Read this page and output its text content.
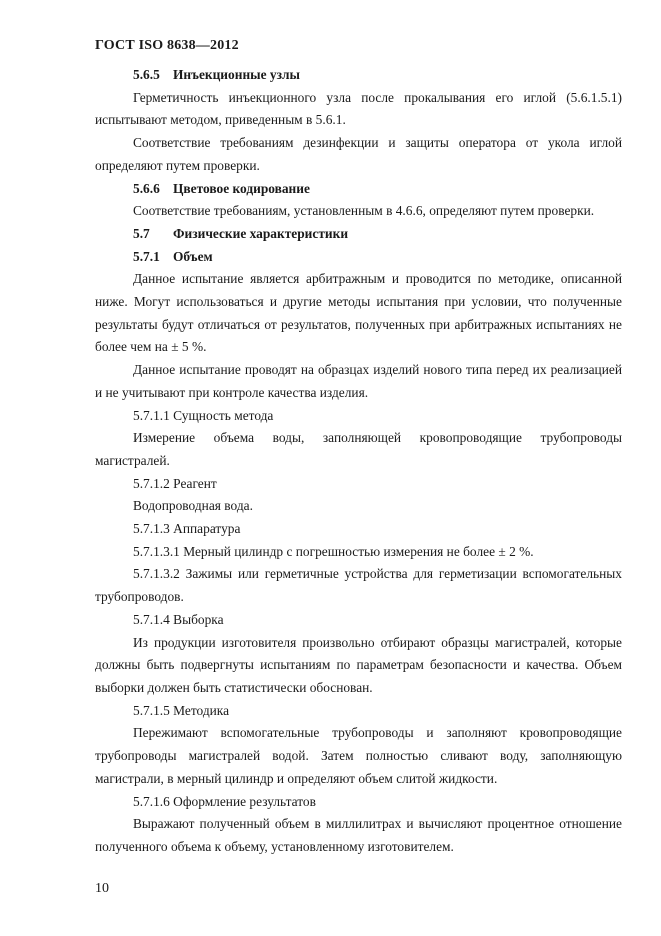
ГОСТ ISO 8638—2012

5.6.5 Инъекционные узлы

Герметичность инъекционного узла после прокалывания его иглой (5.6.1.5.1) испытывают методом, приведенным в 5.6.1.

Соответствие требованиям дезинфекции и защиты оператора от укола иглой определяют путем проверки.

5.6.6 Цветовое кодирование

Соответствие требованиям, установленным в 4.6.6, определяют путем проверки.

5.7 Физические характеристики

5.7.1 Объем

Данное испытание является арбитражным и проводится по методике, описанной ниже. Могут использоваться и другие методы испытания при условии, что полученные результаты будут отличаться от результатов, полученных при арбитражных испытаниях не более чем на ± 5 %.

Данное испытание проводят на образцах изделий нового типа перед их реализацией и не учитывают при контроле качества изделия.

5.7.1.1 Сущность метода

Измерение объема воды, заполняющей кровопроводящие трубопроводы магистралей.

5.7.1.2 Реагент

Водопроводная вода.

5.7.1.3 Аппаратура

5.7.1.3.1 Мерный цилиндр с погрешностью измерения не более ± 2 %.

5.7.1.3.2 Зажимы или герметичные устройства для герметизации вспомогательных трубопроводов.

5.7.1.4 Выборка

Из продукции изготовителя произвольно отбирают образцы магистралей, которые должны быть подвергнуты испытаниям по параметрам безопасности и качества. Объем выборки должен быть статистически обоснован.

5.7.1.5 Методика

Пережимают вспомогательные трубопроводы и заполняют кровопроводящие трубопроводы магистралей водой. Затем полностью сливают воду, заполняющую магистрали, в мерный цилиндр и определяют объем слитой жидкости.

5.7.1.6 Оформление результатов

Выражают полученный объем в миллилитрах и вычисляют процентное отношение полученного объема к объему, установленному изготовителем.

10
